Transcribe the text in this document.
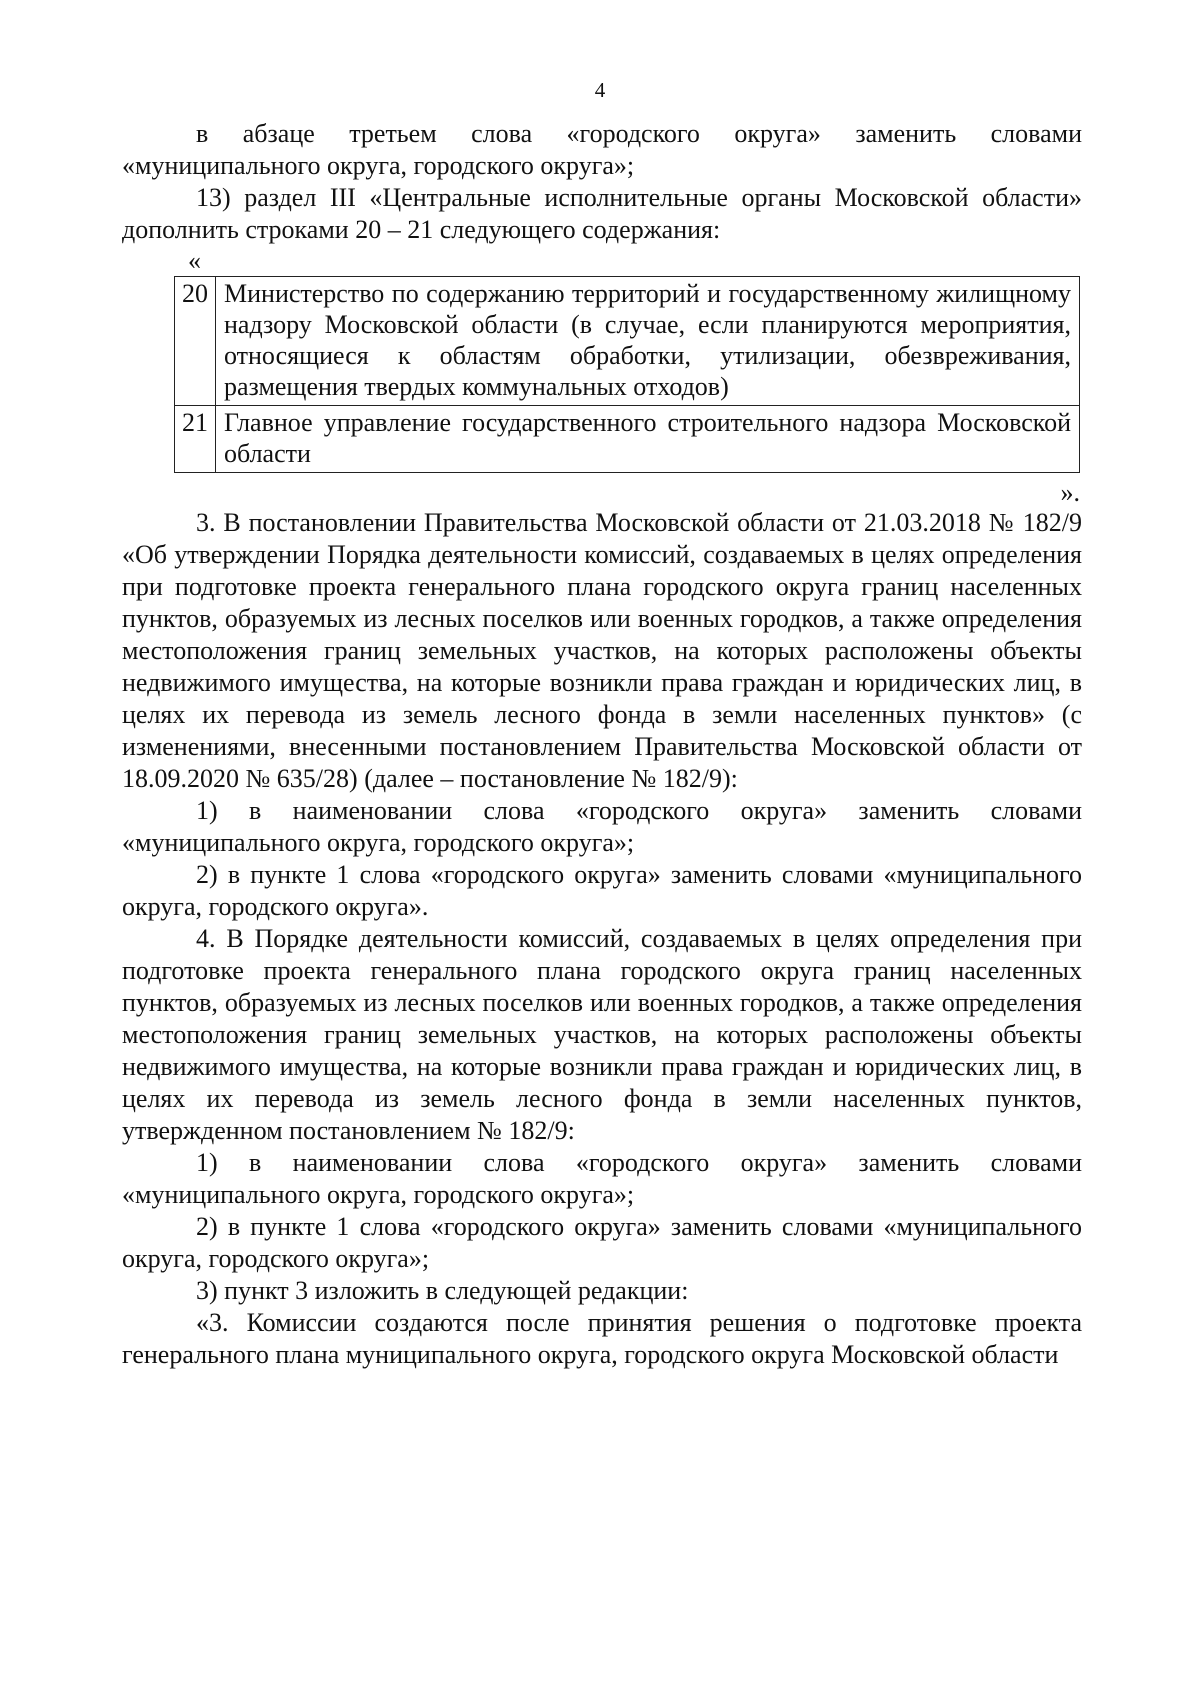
4

в абзаце третьем слова «городского округа» заменить словами «муниципального округа, городского округа»;

13) раздел III «Центральные исполнительные органы Московской области» дополнить строками 20 – 21 следующего содержания:

«
20	Министерство по содержанию территорий и государственному жилищному надзору Московской области (в случае, если планируются мероприятия, относящиеся к областям обработки, утилизации, обезвреживания, размещения твердых коммунальных отходов)
21	Главное управление государственного строительного надзора Московской области
».

3. В постановлении Правительства Московской области от 21.03.2018 № 182/9 «Об утверждении Порядка деятельности комиссий, создаваемых в целях определения при подготовке проекта генерального плана городского округа границ населенных пунктов, образуемых из лесных поселков или военных городков, а также определения местоположения границ земельных участков, на которых расположены объекты недвижимого имущества, на которые возникли права граждан и юридических лиц, в целях их перевода из земель лесного фонда в земли населенных пунктов» (с изменениями, внесенными постановлением Правительства Московской области от 18.09.2020 № 635/28) (далее – постановление № 182/9):

1) в наименовании слова «городского округа» заменить словами «муниципального округа, городского округа»;

2) в пункте 1 слова «городского округа» заменить словами «муниципального округа, городского округа».

4. В Порядке деятельности комиссий, создаваемых в целях определения при подготовке проекта генерального плана городского округа границ населенных пунктов, образуемых из лесных поселков или военных городков, а также определения местоположения границ земельных участков, на которых расположены объекты недвижимого имущества, на которые возникли права граждан и юридических лиц, в целях их перевода из земель лесного фонда в земли населенных пунктов, утвержденном постановлением № 182/9:

1) в наименовании слова «городского округа» заменить словами «муниципального округа, городского округа»;

2) в пункте 1 слова «городского округа» заменить словами «муниципального округа, городского округа»;

3) пункт 3 изложить в следующей редакции:

«3. Комиссии создаются после принятия решения о подготовке проекта генерального плана муниципального округа, городского округа Московской области
